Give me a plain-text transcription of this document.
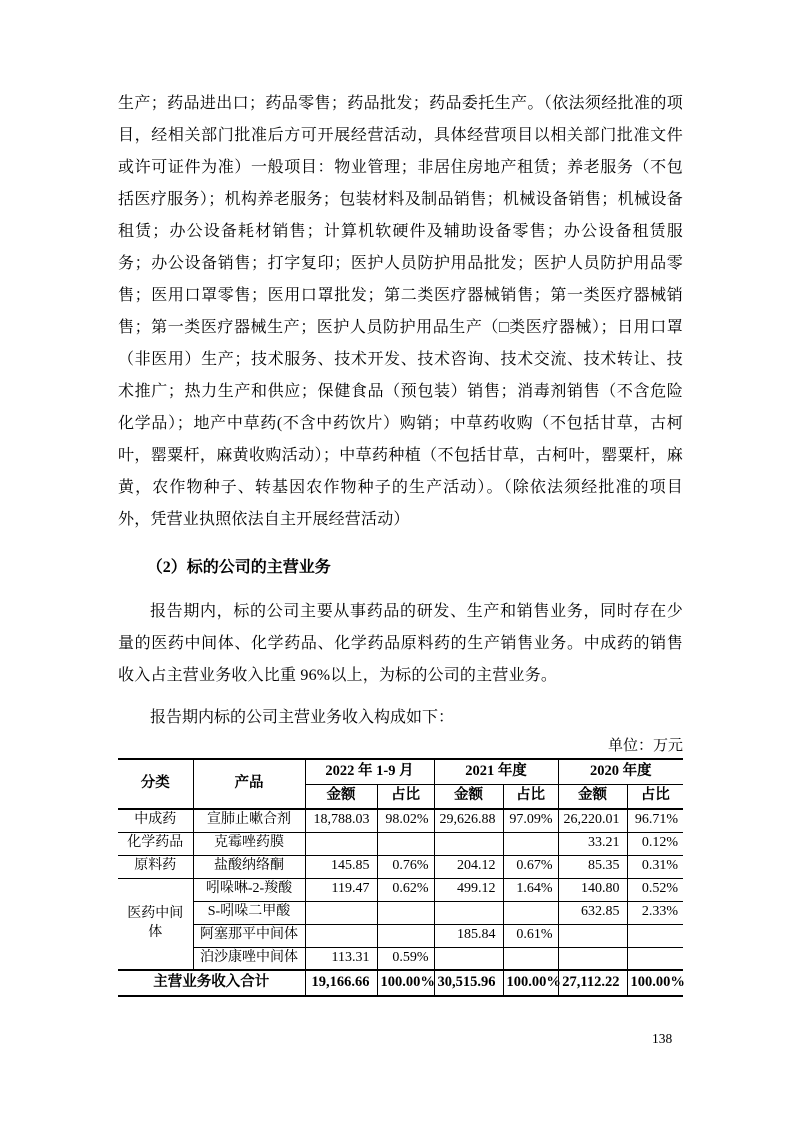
生产；药品进出口；药品零售；药品批发；药品委托生产。（依法须经批准的项目，经相关部门批准后方可开展经营活动，具体经营项目以相关部门批准文件或许可证件为准）一般项目：物业管理；非居住房地产租赁；养老服务（不包括医疗服务）；机构养老服务；包装材料及制品销售；机械设备销售；机械设备租赁；办公设备耗材销售；计算机软硬件及辅助设备零售；办公设备租赁服务；办公设备销售；打字复印；医护人员防护用品批发；医护人员防护用品零售；医用口罩零售；医用口罩批发；第二类医疗器械销售；第一类医疗器械销售；第一类医疗器械生产；医护人员防护用品生产（□类医疗器械）；日用口罩（非医用）生产；技术服务、技术开发、技术咨询、技术交流、技术转让、技术推广；热力生产和供应；保健食品（预包装）销售；消毒剂销售（不含危险化学品）；地产中草药(不含中药饮片）购销；中草药收购（不包括甘草，古柯叶，罂粟杆，麻黄收购活动）；中草药种植（不包括甘草，古柯叶，罂粟杆，麻黄，农作物种子、转基因农作物种子的生产活动）。（除依法须经批准的项目外，凭营业执照依法自主开展经营活动）

（2）标的公司的主营业务

报告期内，标的公司主要从事药品的研发、生产和销售业务，同时存在少量的医药中间体、化学药品、化学药品原料药的生产销售业务。中成药的销售收入占主营业务收入比重 96%以上，为标的公司的主营业务。

报告期内标的公司主营业务收入构成如下：

单位：万元
分类	产品	2022 年 1-9 月		2021 年度		2020 年度	
		金额	占比	金额	占比	金额	占比
中成药	宣肺止嗽合剂	18,788.03	98.02%	29,626.88	97.09%	26,220.01	96.71%
化学药品	克霉唑药膜					33.21	0.12%
原料药	盐酸纳络酮	145.85	0.76%	204.12	0.67%	85.35	0.31%
医药中间体	吲哚啉-2-羧酸	119.47	0.62%	499.12	1.64%	140.80	0.52%
	S-吲哚二甲酸					632.85	2.33%
	阿塞那平中间体			185.84	0.61%		
	泊沙康唑中间体	113.31	0.59%				
主营业务收入合计		19,166.66	100.00%	30,515.96	100.00%	27,112.22	100.00%
138
